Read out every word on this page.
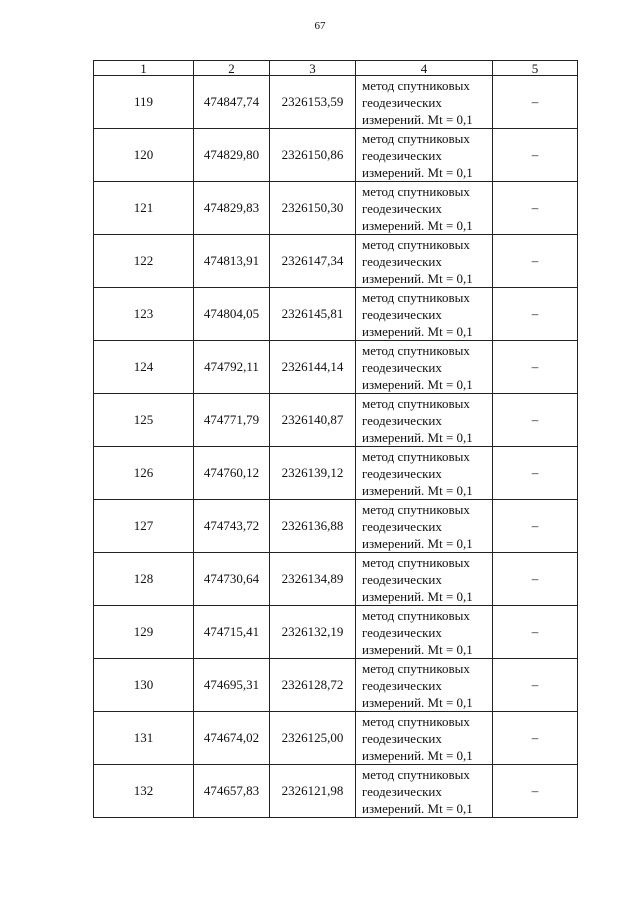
67
1	2	3	4	5
119	474847,74	2326153,59	метод спутниковых
геодезических
измерений. Mt = 0,1	–
120	474829,80	2326150,86	метод спутниковых
геодезических
измерений. Mt = 0,1	–
121	474829,83	2326150,30	метод спутниковых
геодезических
измерений. Mt = 0,1	–
122	474813,91	2326147,34	метод спутниковых
геодезических
измерений. Mt = 0,1	–
123	474804,05	2326145,81	метод спутниковых
геодезических
измерений. Mt = 0,1	–
124	474792,11	2326144,14	метод спутниковых
геодезических
измерений. Mt = 0,1	–
125	474771,79	2326140,87	метод спутниковых
геодезических
измерений. Mt = 0,1	–
126	474760,12	2326139,12	метод спутниковых
геодезических
измерений. Mt = 0,1	–
127	474743,72	2326136,88	метод спутниковых
геодезических
измерений. Mt = 0,1	–
128	474730,64	2326134,89	метод спутниковых
геодезических
измерений. Mt = 0,1	–
129	474715,41	2326132,19	метод спутниковых
геодезических
измерений. Mt = 0,1	–
130	474695,31	2326128,72	метод спутниковых
геодезических
измерений. Mt = 0,1	–
131	474674,02	2326125,00	метод спутниковых
геодезических
измерений. Mt = 0,1	–
132	474657,83	2326121,98	метод спутниковых
геодезических
измерений. Mt = 0,1	–
